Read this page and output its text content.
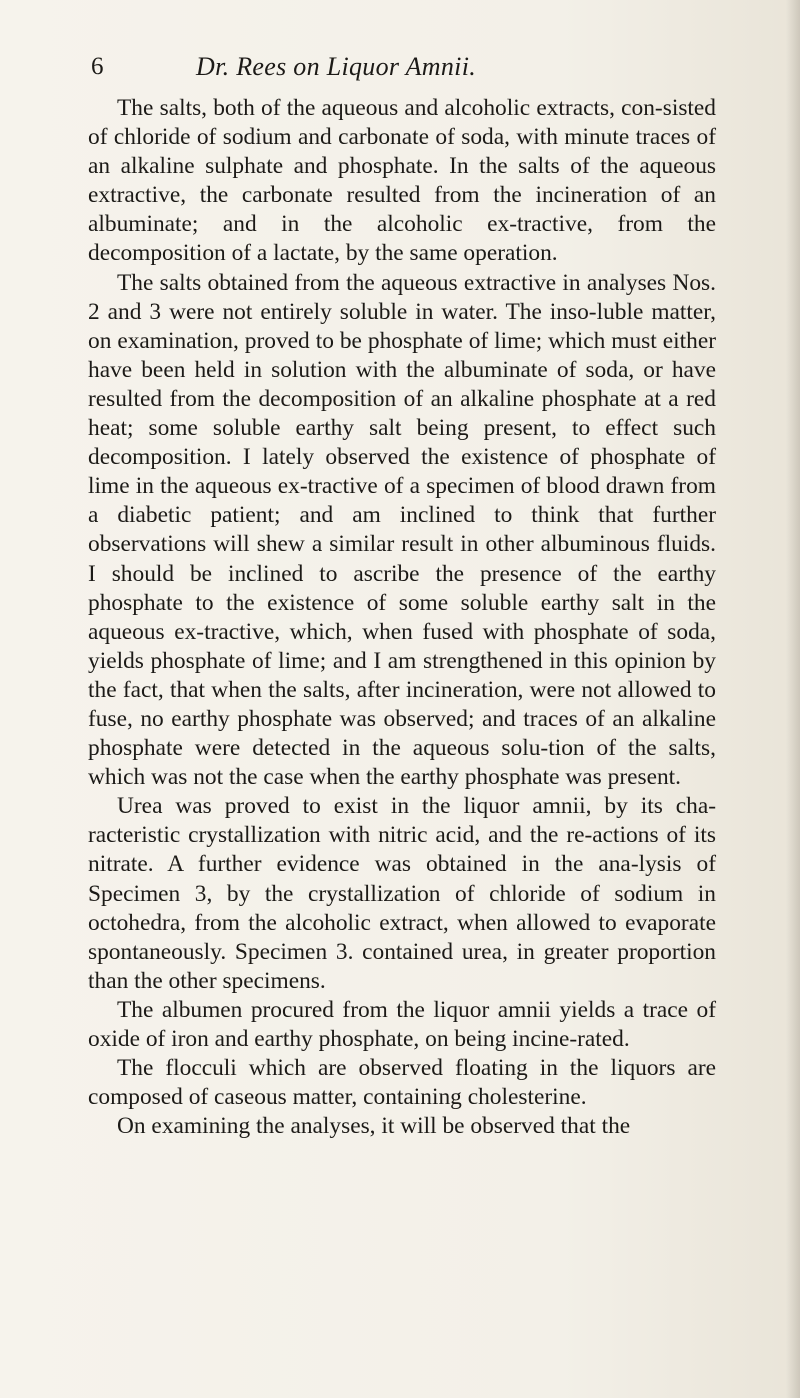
6	Dr. Rees on Liquor Amnii.

The salts, both of the aqueous and alcoholic extracts, con-sisted of chloride of sodium and carbonate of soda, with minute traces of an alkaline sulphate and phosphate. In the salts of the aqueous extractive, the carbonate resulted from the incineration of an albuminate; and in the alcoholic ex-tractive, from the decomposition of a lactate, by the same operation.

The salts obtained from the aqueous extractive in analyses Nos. 2 and 3 were not entirely soluble in water. The inso-luble matter, on examination, proved to be phosphate of lime; which must either have been held in solution with the albuminate of soda, or have resulted from the decomposition of an alkaline phosphate at a red heat; some soluble earthy salt being present, to effect such decomposition. I lately observed the existence of phosphate of lime in the aqueous ex-tractive of a specimen of blood drawn from a diabetic patient; and am inclined to think that further observations will shew a similar result in other albuminous fluids. I should be inclined to ascribe the presence of the earthy phosphate to the existence of some soluble earthy salt in the aqueous ex-tractive, which, when fused with phosphate of soda, yields phosphate of lime; and I am strengthened in this opinion by the fact, that when the salts, after incineration, were not allowed to fuse, no earthy phosphate was observed; and traces of an alkaline phosphate were detected in the aqueous solu-tion of the salts, which was not the case when the earthy phosphate was present.

Urea was proved to exist in the liquor amnii, by its cha-racteristic crystallization with nitric acid, and the re-actions of its nitrate. A further evidence was obtained in the ana-lysis of Specimen 3, by the crystallization of chloride of sodium in octohedra, from the alcoholic extract, when allowed to evaporate spontaneously. Specimen 3. contained urea, in greater proportion than the other specimens.

The albumen procured from the liquor amnii yields a trace of oxide of iron and earthy phosphate, on being incine-rated.

The flocculi which are observed floating in the liquors are composed of caseous matter, containing cholesterine.

On examining the analyses, it will be observed that the
